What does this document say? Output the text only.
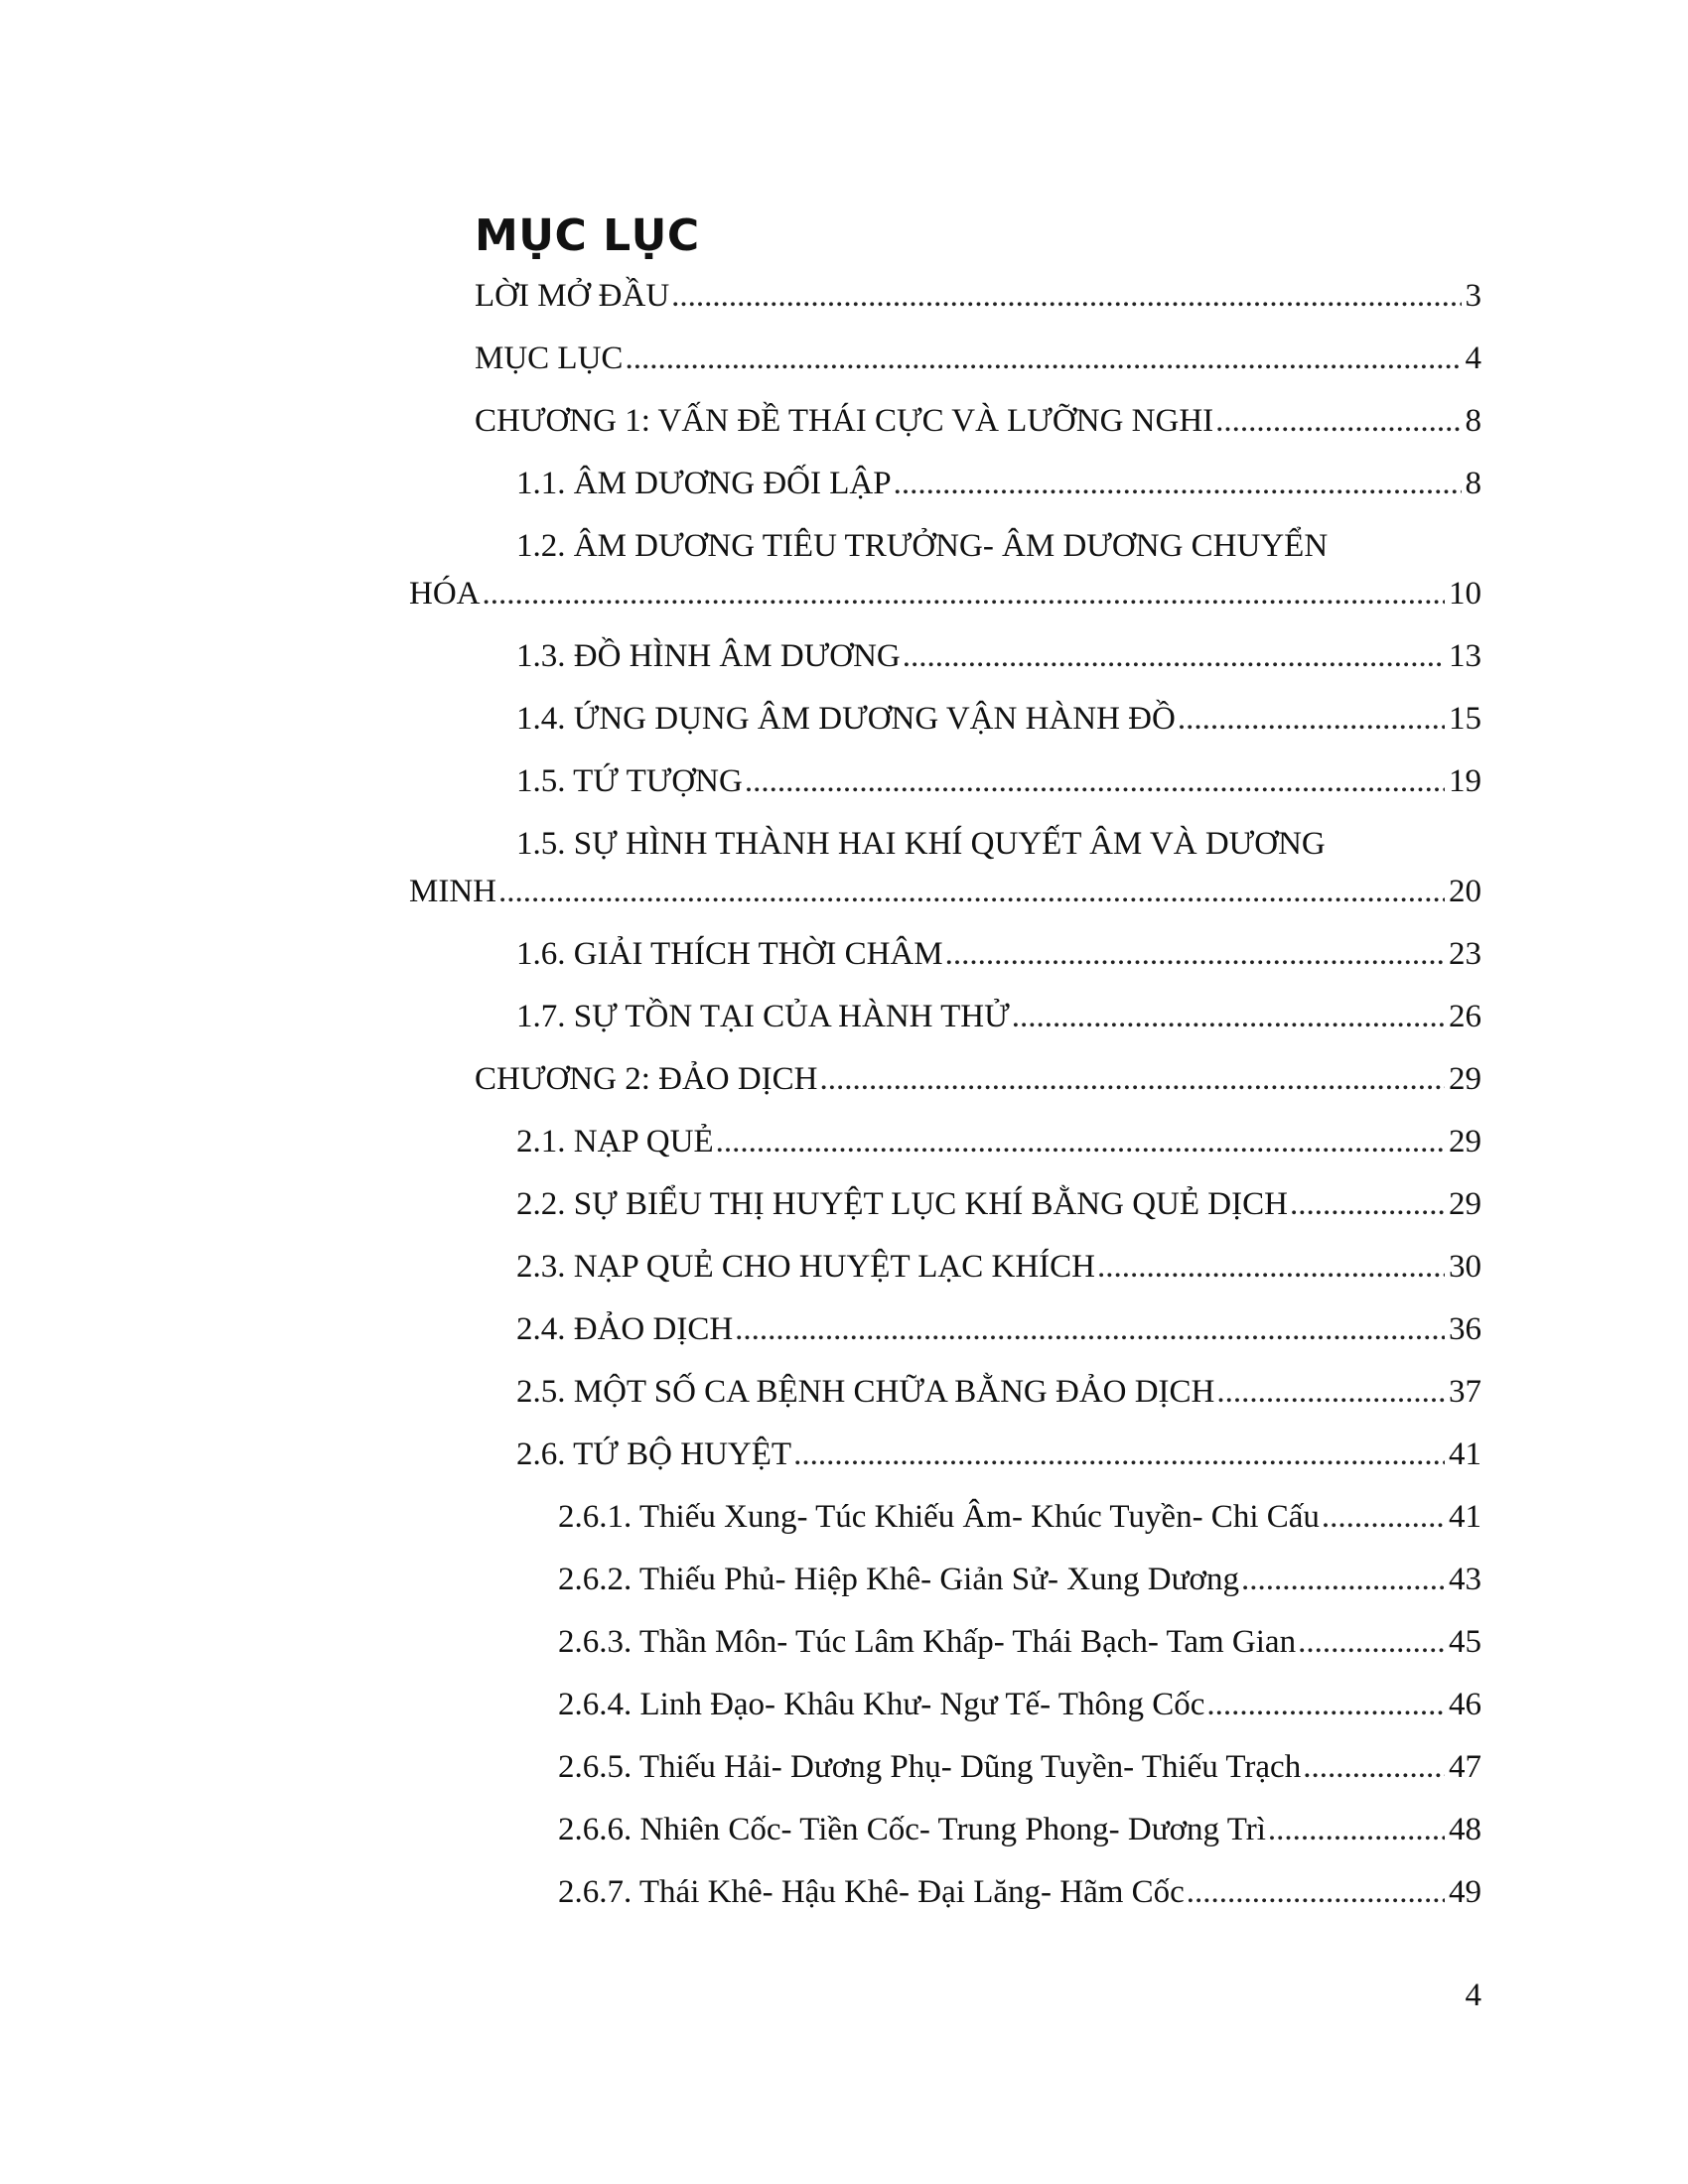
MỤC LỤC
LỜI MỞ ĐẦU .....	3
MỤC LỤC .....	4
CHƯƠNG 1: VẤN ĐỀ THÁI CỰC VÀ LƯỠNG NGHI .....	8
1.1. ÂM DƯƠNG ĐỐI LẬP .....	8
1.2. ÂM DƯƠNG TIÊU TRƯỞNG- ÂM DƯƠNG CHUYỂN
HÓA .....	10
1.3. ĐỒ HÌNH ÂM DƯƠNG .....	13
1.4. ỨNG DỤNG ÂM DƯƠNG VẬN HÀNH ĐỒ .....	15
1.5. TỨ TƯỢNG .....	19
1.5. SỰ HÌNH THÀNH HAI KHÍ QUYẾT ÂM VÀ DƯƠNG
MINH .....	20
1.6. GIẢI THÍCH THỜI CHÂM .....	23
1.7. SỰ TỒN TẠI CỦA HÀNH THỬ .....	26
CHƯƠNG 2: ĐẢO DỊCH .....	29
2.1. NẠP QUẺ .....	29
2.2. SỰ BIỂU THỊ HUYỆT LỤC KHÍ BẰNG QUẺ DỊCH .....	29
2.3. NẠP QUẺ CHO HUYỆT LẠC KHÍCH .....	30
2.4. ĐẢO DỊCH .....	36
2.5. MỘT SỐ CA BỆNH CHỮA BẰNG ĐẢO DỊCH .....	37
2.6. TỨ BỘ HUYỆT .....	41
2.6.1. Thiếu Xung- Túc Khiếu Âm- Khúc Tuyền- Chi Cấu .....	41
2.6.2. Thiếu Phủ- Hiệp Khê- Giản Sử- Xung Dương .....	43
2.6.3. Thần Môn- Túc Lâm Khấp- Thái Bạch- Tam Gian .....	45
2.6.4. Linh Đạo- Khâu Khư- Ngư Tế- Thông Cốc .....	46
2.6.5. Thiếu Hải- Dương Phụ- Dũng Tuyền- Thiếu Trạch .....	47
2.6.6. Nhiên Cốc- Tiền Cốc- Trung Phong- Dương Trì .....	48
2.6.7. Thái Khê- Hậu Khê- Đại Lăng- Hãm Cốc .....	49
4
